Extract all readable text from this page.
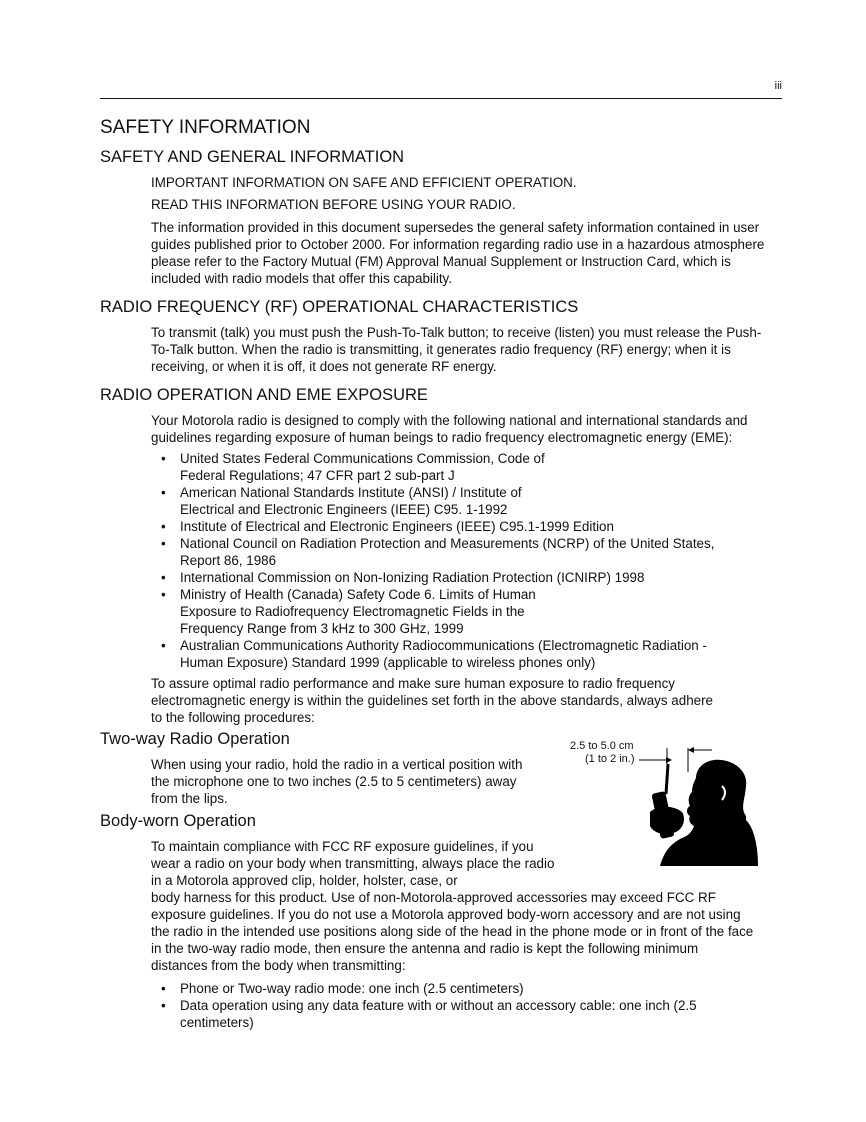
iii
SAFETY INFORMATION
SAFETY AND GENERAL INFORMATION

IMPORTANT INFORMATION ON SAFE AND EFFICIENT OPERATION.

READ THIS INFORMATION BEFORE USING YOUR RADIO.

The information provided in this document supersedes the general safety information contained in user guides published prior to October 2000. For information regarding radio use in a hazardous atmosphere please refer to the Factory Mutual (FM) Approval Manual Supplement or Instruction Card, which is included with radio models that offer this capability.

RADIO FREQUENCY (RF) OPERATIONAL CHARACTERISTICS

To transmit (talk) you must push the Push-To-Talk button; to receive (listen) you must release the Push-To-Talk button. When the radio is transmitting, it generates radio frequency (RF) energy; when it is receiving, or when it is off, it does not generate RF energy.

RADIO OPERATION AND EME EXPOSURE

Your Motorola radio is designed to comply with the following national and international standards and guidelines regarding exposure of human beings to radio frequency electromagnetic energy (EME):

• United States Federal Communications Commission, Code of
Federal Regulations; 47 CFR part 2 sub-part J
• American National Standards Institute (ANSI) / Institute of
Electrical and Electronic Engineers (IEEE) C95. 1-1992
• Institute of Electrical and Electronic Engineers (IEEE) C95.1-1999 Edition
• National Council on Radiation Protection and Measurements (NCRP) of the United States,
Report 86, 1986
• International Commission on Non-Ionizing Radiation Protection (ICNIRP) 1998
• Ministry of Health (Canada) Safety Code 6. Limits of Human
Exposure to Radiofrequency Electromagnetic Fields in the
Frequency Range from 3 kHz to 300 GHz, 1999
• Australian Communications Authority Radiocommunications (Electromagnetic Radiation -
Human Exposure) Standard 1999 (applicable to wireless phones only)

To assure optimal radio performance and make sure human exposure to radio frequency electromagnetic energy is within the guidelines set forth in the above standards, always adhere to the following procedures:

Two-way Radio Operation

When using your radio, hold the radio in a vertical position with the microphone one to two inches (2.5 to 5 centimeters) away from the lips.

Body-worn Operation

To maintain compliance with FCC RF exposure guidelines, if you wear a radio on your body when transmitting, always place the radio in a Motorola approved clip, holder, holster, case, or

body harness for this product. Use of non-Motorola-approved accessories may exceed FCC RF exposure guidelines. If you do not use a Motorola approved body-worn accessory and are not using the radio in the intended use positions along side of the head in the phone mode or in front of the face in the two-way radio mode, then ensure the antenna and radio is kept the following minimum distances from the body when transmitting:

• Phone or Two-way radio mode: one inch (2.5 centimeters)
• Data operation using any data feature with or without an accessory cable: one inch (2.5
centimeters)
2.5 to 5.0 cm
(1 to 2 in.)
